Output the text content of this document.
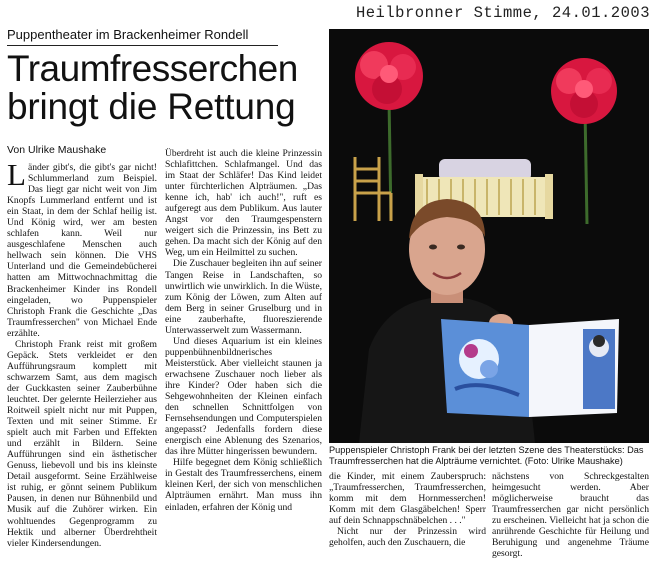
Heilbronner Stimme, 24.01.2003
Puppentheater im Brackenheimer Rondell
Traumfresserchen
bringt die Rettung
Von Ulrike Maushake

Länder gibt's, die gibt's gar nicht! Schlummerland zum Beispiel. Das liegt gar nicht weit von Jim Knopfs Lummerland entfernt und ist ein Staat, in dem der Schlaf heilig ist. Und König wird, wer am besten schlafen kann. Weil nur ausgeschlafene Menschen auch hellwach sein können. Die VHS Unterland und die Gemeindebücherei hatten am Mittwochnachmittag die Brackenheimer Kinder ins Rondell eingeladen, wo Puppenspieler Christoph Frank die Geschichte „Das Traumfresserchen" von Michael Ende erzählte.

Christoph Frank reist mit großem Gepäck. Stets verkleidet er den Aufführungsraum komplett mit schwarzem Samt, aus dem magisch der Guckkasten seiner Zauberbühne leuchtet. Der gelernte Heilerzieher aus Roitweil spielt nicht nur mit Puppen, Texten und mit seiner Stimme. Er spielt auch mit Farben und Effekten und erzählt in Bildern. Seine Aufführungen sind ein ästhetischer Genuss, liebevoll und bis ins kleinste Detail ausgeformt. Seine Erzählweise ist ruhig, er gönnt seinem Publikum Pausen, in denen nur Bühnenbild und Musik auf die Zuhörer wirken. Ein wohltuendes Gegenprogramm zu Hektik und alberner Überdrehtheit vieler Kindersendungen.

Überdreht ist auch die kleine Prinzessin Schlafittchen. Schlafmangel. Und das im Staat der Schläfer! Das Kind leidet unter fürchterlichen Alpträumen. „Das kenne ich, hab' ich auch!", ruft es aufgeregt aus dem Publikum. Aus lauter Angst vor den Traumgespenstern weigert sich die Prinzessin, ins Bett zu gehen. Da macht sich der König auf den Weg, um ein Heilmittel zu suchen.

Die Zuschauer begleiten ihn auf seiner Tangen Reise in Landschaften, so unwirtlich wie unwirklich. In die Wüste, zum König der Löwen, zum Alten auf dem Berg in seiner Gruselburg und in eine zauberhafte, fluoreszierende Unterwasserwelt zum Wassermann.

Und dieses Aquarium ist ein kleines puppenbühnenbildnerisches Meisterstück. Aber vielleicht staunen ja erwachsene Zuschauer noch lieber als ihre Kinder? Oder haben sich die Sehgewohnheiten der Kleinen einfach den schnellen Schnittfolgen von Fernsehsendungen und Computerspielen angepasst? Jedenfalls fordern diese energisch eine Ablenung des Szenarios, das ihre Mütter hingerissen bewundern.

Hilfe begegnet dem König schließlich in Gestalt des Traumfresserchens, einem kleinen Kerl, der sich von menschlichen Alpträumen ernährt. Man muss ihn einladen, erfahren der König und

Puppenspieler Christoph Frank bei der letzten Szene des Theaterstücks: Das Traumfresserchen hat die Alpträume vernichtet. (Foto: Ulrike Maushake)

die Kinder, mit einem Zauberspruch: „Traumfresserchen, Traumfresserchen, komm mit dem Hornmesserchen! Komm mit dem Glasgäbelchen! Sperr auf dein Schnappschnäbelchen . . ."

Nicht nur der Prinzessin wird geholfen, auch den Zuschauern, die

nächstens von Schreckgestalten heimgesucht werden. Aber möglicherweise braucht das Traumfresserchen gar nicht persönlich zu erscheinen. Vielleicht hat ja schon die anrührende Geschichte für Heilung und Beruhigung und angenehme Träume gesorgt.
